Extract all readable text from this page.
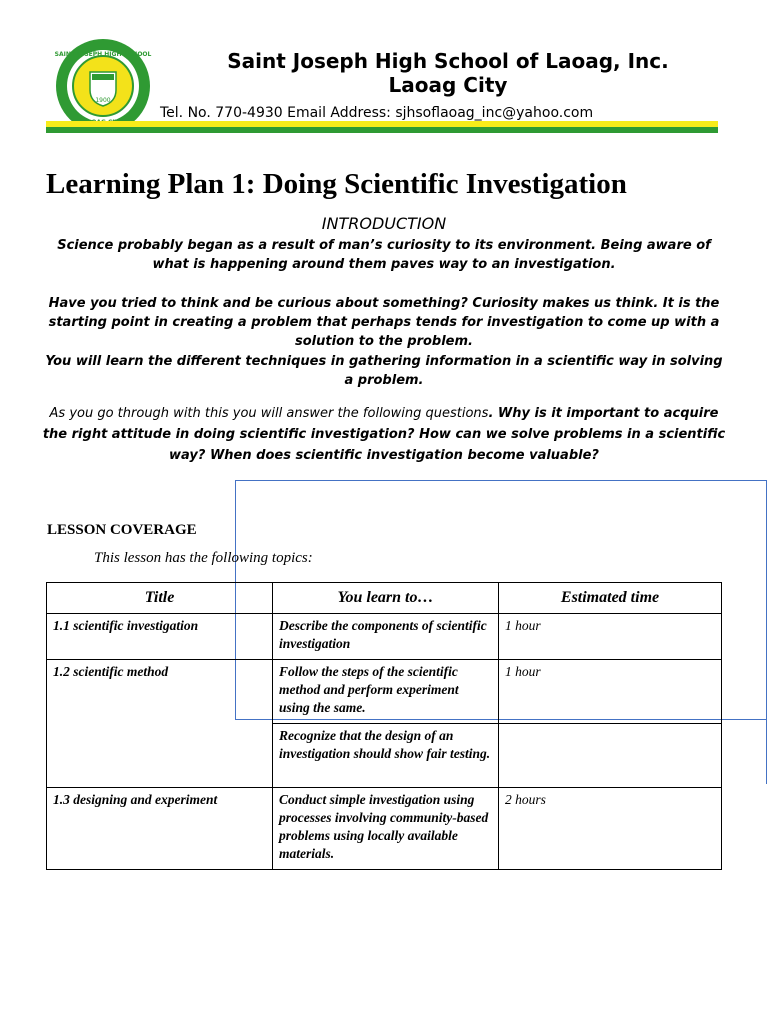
1900
SAINT JOSEPH HIGH SCHOOL	Saint Joseph High School of Laoag, Inc.
Laoag City
Tel. No. 770-4930 Email Address: sjhsoflaoag_inc@yahoo.com
Learning Plan 1: Doing Scientific Investigation
INTRODUCTION
Science probably began as a result of man’s curiosity to its environment. Being aware of what is happening around them paves way to an investigation.
Have you tried to think and be curious about something? Curiosity makes us think. It is the starting point in creating a problem that perhaps tends for investigation to come up with a solution to the problem.
You will learn the different techniques in gathering information in a scientific way in solving a problem.
As you go through with this you will answer the following questions. Why is it important to acquire the right attitude in doing scientific investigation? How can we solve problems in a scientific way? When does scientific investigation become valuable?
LESSON COVERAGE
This lesson has the following topics:
Title	You learn to…	Estimated time
1.1 scientific investigation	Describe the components of scientific investigation	1 hour
1.2 scientific method	Follow the steps of the scientific method and perform experiment using the same.	1 hour
	Recognize that the design of an investigation should show fair testing.	
1.3 designing and experiment	Conduct simple investigation using processes involving community-based problems using locally available materials.	2 hours
